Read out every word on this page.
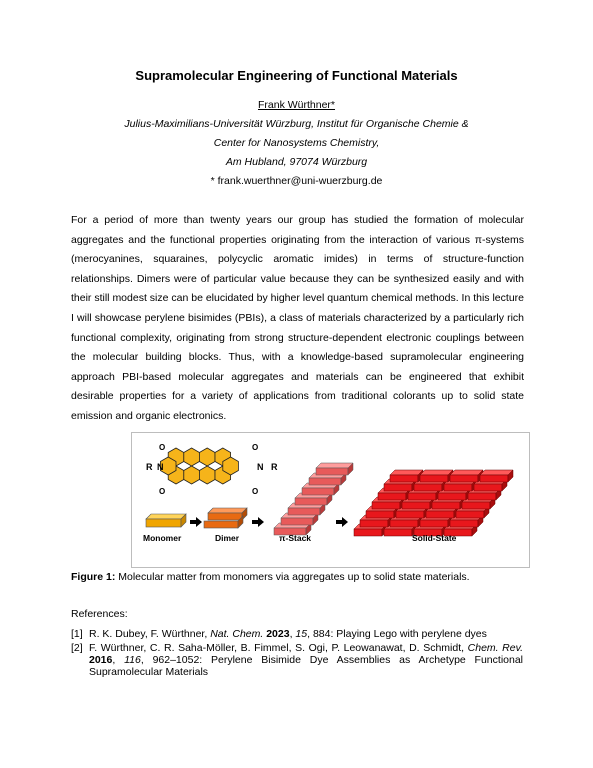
Supramolecular Engineering of Functional Materials
Frank Würthner*
Julius-Maximilians-Universität Würzburg, Institut für Organische Chemie &
Center for Nanosystems Chemistry,
Am Hubland, 97074 Würzburg
* frank.wuerthner@uni-wuerzburg.de
For a period of more than twenty years our group has studied the formation of molecular aggregates and the functional properties originating from the interaction of various π-systems (merocyanines, squaraines, polycyclic aromatic imides) in terms of structure-function relationships. Dimers were of particular value because they can be synthesized easily and with their still modest size can be elucidated by higher level quantum chemical methods. In this lecture I will showcase perylene bisimides (PBIs), a class of materials characterized by a particularly rich functional complexity, originating from strong structure-dependent electronic couplings between the molecular building blocks. Thus, with a knowledge-based supramolecular engineering approach PBI-based molecular aggregates and materials can be engineered that exhibit desirable properties for a variety of applications from traditional colorants up to solid state emission and organic electronics.
R N	N R
O
O
O
O
Monomer	Dimer	π-Stack	Solid-State
Figure 1: Molecular matter from monomers via aggregates up to solid state materials.
References:
[1] R. K. Dubey, F. Würthner, Nat. Chem. 2023, 15, 884: Playing Lego with perylene dyes
[2] F. Würthner, C. R. Saha-Möller, B. Fimmel, S. Ogi, P. Leowanawat, D. Schmidt, Chem. Rev. 2016, 116, 962–1052: Perylene Bisimide Dye Assemblies as Archetype Functional Supramolecular Materials
